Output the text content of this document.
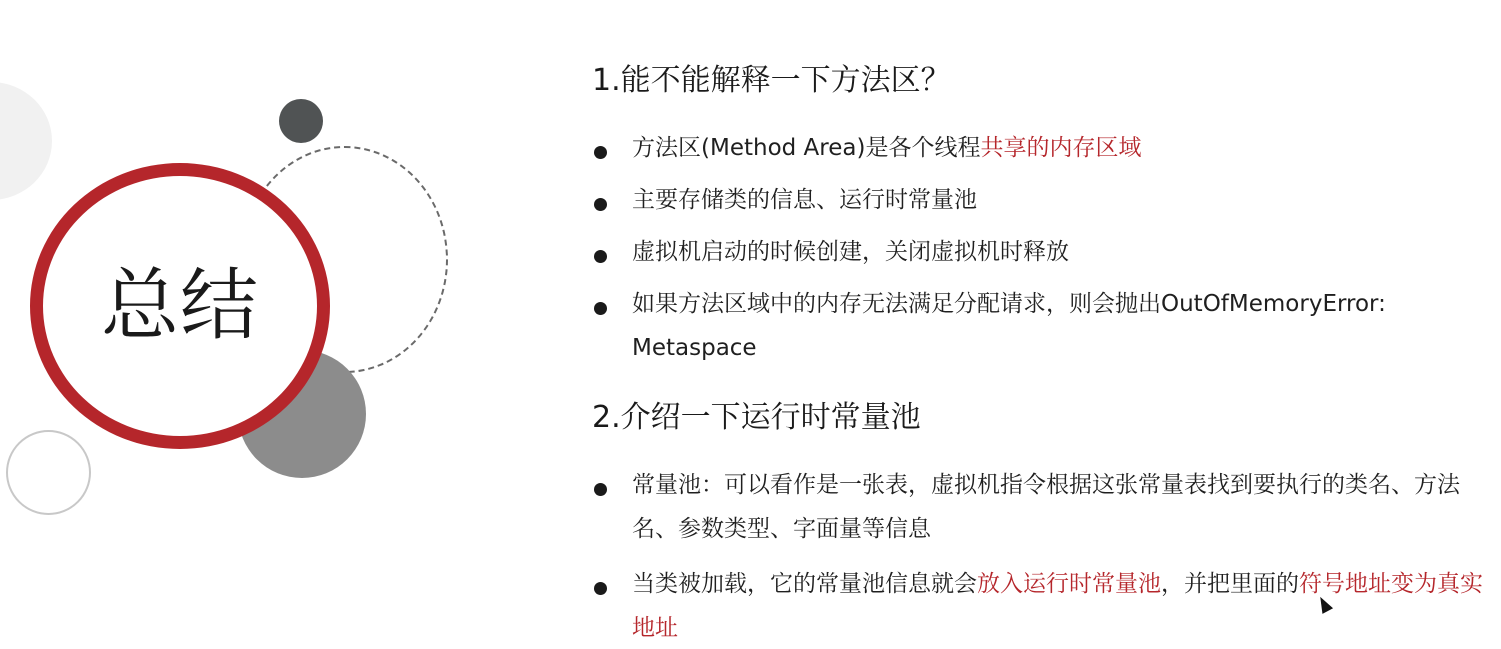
总结
1.能不能解释一下方法区？
方法区(Method Area)是各个线程共享的内存区域
主要存储类的信息、运行时常量池
虚拟机启动的时候创建，关闭虚拟机时释放
如果方法区域中的内存无法满足分配请求，则会抛出OutOfMemoryError: Metaspace
2.介绍一下运行时常量池
常量池：可以看作是一张表，虚拟机指令根据这张常量表找到要执行的类名、方法名、参数类型、字面量等信息
当类被加载，它的常量池信息就会放入运行时常量池，并把里面的符号地址变为真实地址
